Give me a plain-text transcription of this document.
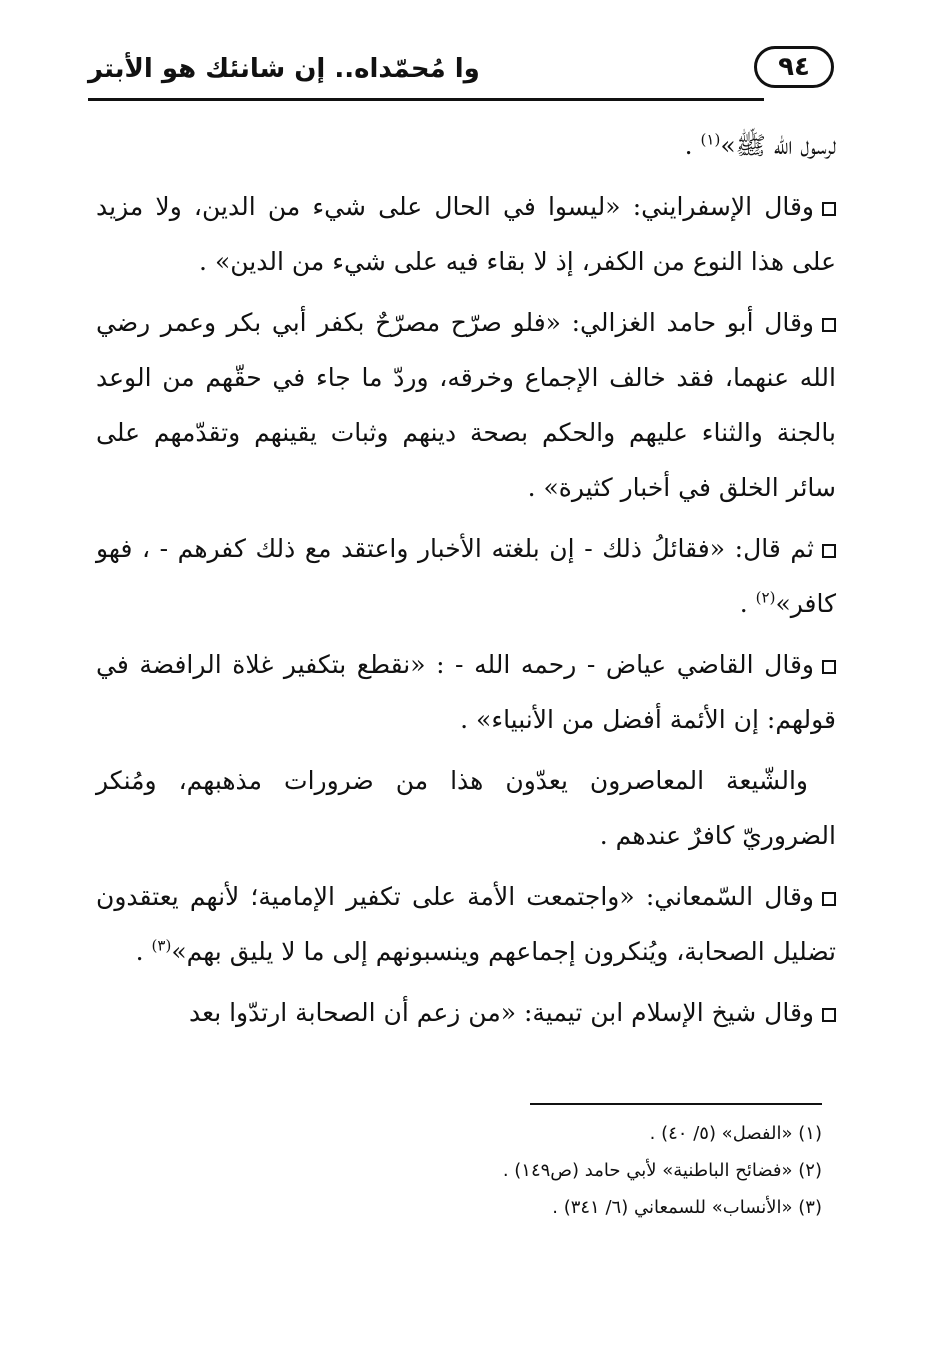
وا مُحمّداه.. إن شانئك هو الأبتر	٩٤

لرسول الله ﷺ»$^{(١)}$ .

وقال الإسفرايني: «ليسوا في الحال على شيء من الدين، ولا مزيد على هذا النوع من الكفر، إذ لا بقاء فيه على شيء من الدين» .

وقال أبو حامد الغزالي: «فلو صرّح مصرّحٌ بكفر أبي بكر وعمر رضي الله عنهما، فقد خالف الإجماع وخرقه، وردّ ما جاء في حقّهم من الوعد بالجنة والثناء عليهم والحكم بصحة دينهم وثبات يقينهم وتقدّمهم على سائر الخلق في أخبار كثيرة» .

ثم قال: «فقائلُ ذلك - إن بلغته الأخبار واعتقد مع ذلك كفرهم - ، فهو كافر»$^{(٢)}$ .

وقال القاضي عياض - رحمه الله - : «نقطع بتكفير غلاة الرافضة في قولهم: إن الأئمة أفضل من الأنبياء» .

والشّيعة المعاصرون يعدّون هذا من ضرورات مذهبهم، ومُنكر الضروريّ كافرٌ عندهم .

وقال السّمعاني: «واجتمعت الأمة على تكفير الإمامية؛ لأنهم يعتقدون تضليل الصحابة، ويُنكرون إجماعهم وينسبونهم إلى ما لا يليق بهم»$^{(٣)}$ .

وقال شيخ الإسلام ابن تيمية: «من زعم أن الصحابة ارتدّوا بعد

(١) «الفصل» (٥/ ٤٠) .
(٢) «فضائح الباطنية» لأبي حامد (ص١٤٩) .
(٣) «الأنساب» للسمعاني (٦/ ٣٤١) .
